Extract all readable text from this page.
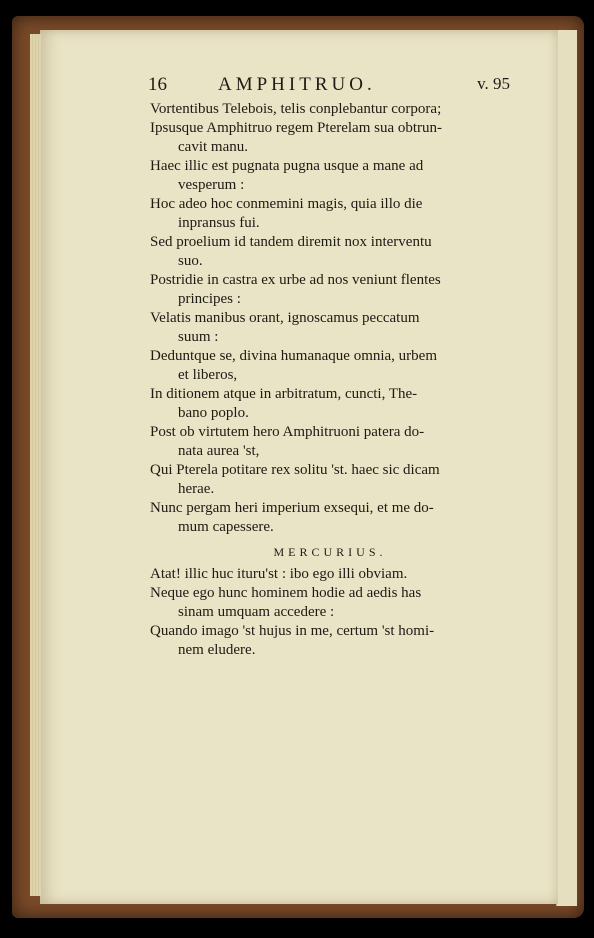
16	AMPHITRUO.	v. 95
Vortentibus Telebois, telis conplebantur corpora;
Ipsusque Amphitruo regem Pterelam sua obtrun-
cavit manu.
Haec illic est pugnata pugna usque a mane ad
vesperum :
Hoc adeo hoc conmemini magis, quia illo die
inpransus fui.
Sed proelium id tandem diremit nox interventu
suo.
Postridie in castra ex urbe ad nos veniunt flentes
principes :
Velatis manibus orant, ignoscamus peccatum
suum :
Deduntque se, divina humanaque omnia, urbem
et liberos,
In ditionem atque in arbitratum, cuncti, The-
bano poplo.
Post ob virtutem hero Amphitruoni patera do-
nata aurea 'st,
Qui Pterela potitare rex solitu 'st. haec sic dicam
herae.
Nunc pergam heri imperium exsequi, et me do-
mum capessere.
MERCURIUS.
Atat! illic huc ituru'st : ibo ego illi obviam.
Neque ego hunc hominem hodie ad aedis has
sinam umquam accedere :
Quando imago 'st hujus in me, certum 'st homi-
nem eludere.
